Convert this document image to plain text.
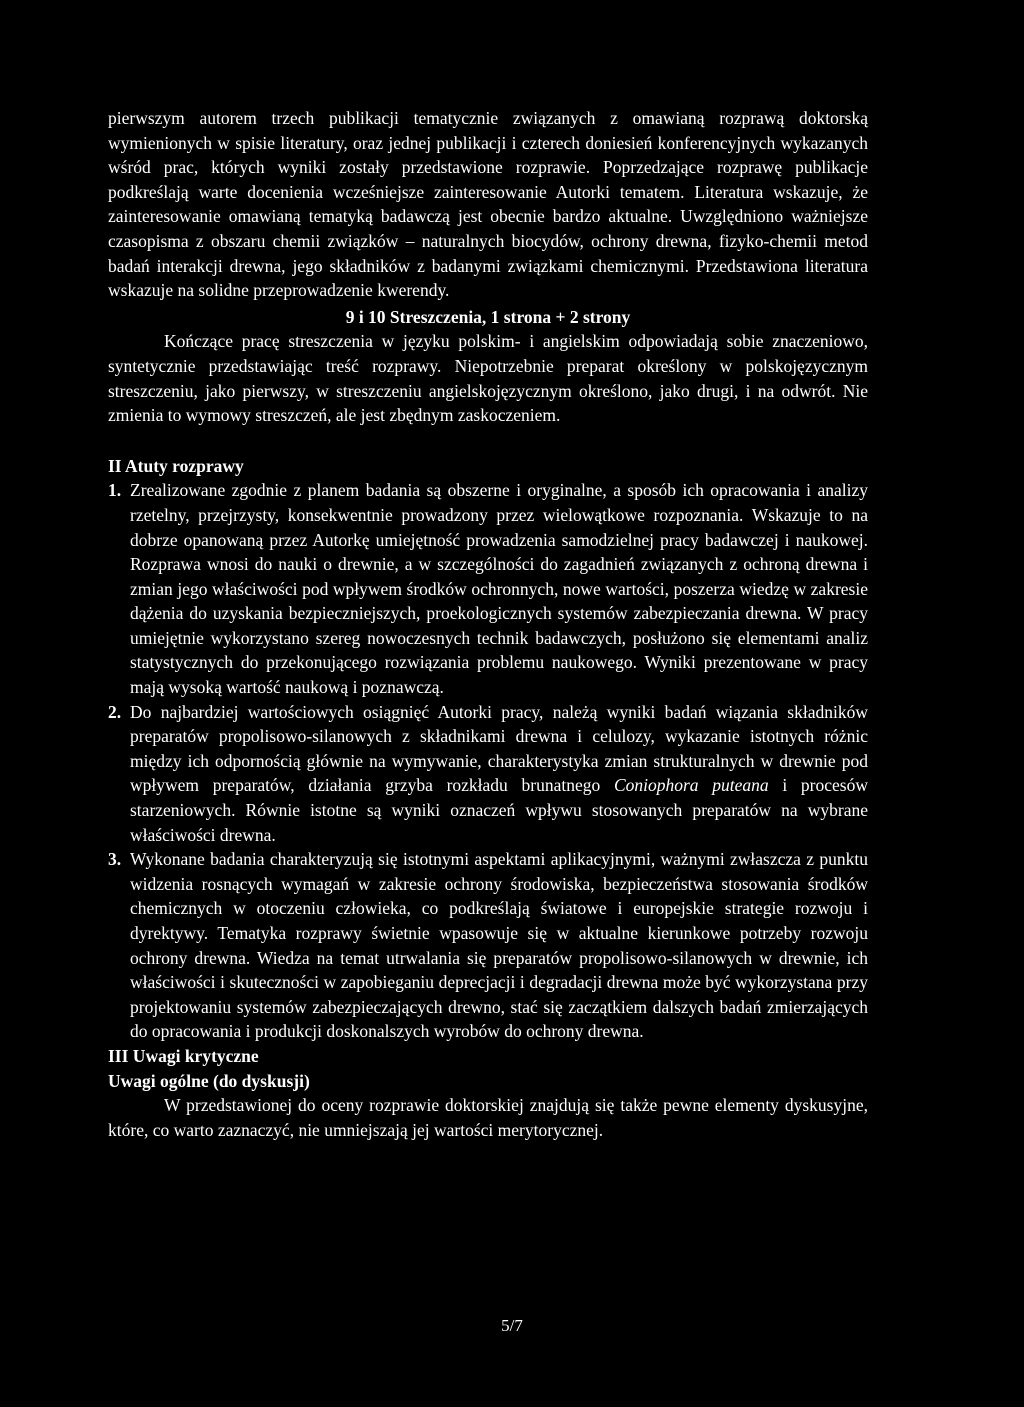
pierwszym autorem trzech publikacji tematycznie związanych z omawianą rozprawą doktorską wymienionych w spisie literatury, oraz jednej publikacji i czterech doniesień konferencyjnych wykazanych wśród prac, których wyniki zostały przedstawione rozprawie. Poprzedzające rozprawę publikacje podkreślają warte docenienia wcześniejsze zainteresowanie Autorki tematem. Literatura wskazuje, że zainteresowanie omawianą tematyką badawczą jest obecnie bardzo aktualne. Uwzględniono ważniejsze czasopisma z obszaru chemii związków – naturalnych biocydów, ochrony drewna, fizyko-chemii metod badań interakcji drewna, jego składników z badanymi związkami chemicznymi. Przedstawiona literatura wskazuje na solidne przeprowadzenie kwerendy.

9 i 10 Streszczenia, 1 strona + 2 strony

Kończące pracę streszczenia w języku polskim- i angielskim odpowiadają sobie znaczeniowo, syntetycznie przedstawiając treść rozprawy. Niepotrzebnie preparat określony w polskojęzycznym streszczeniu, jako pierwszy, w streszczeniu angielskojęzycznym określono, jako drugi, i na odwrót. Nie zmienia to wymowy streszczeń, ale jest zbędnym zaskoczeniem.

II Atuty rozprawy
1. Zrealizowane zgodnie z planem badania są obszerne i oryginalne, a sposób ich opracowania i analizy rzetelny, przejrzysty, konsekwentnie prowadzony przez wielowątkowe rozpoznania. Wskazuje to na dobrze opanowaną przez Autorkę umiejętność prowadzenia samodzielnej pracy badawczej i naukowej. Rozprawa wnosi do nauki o drewnie, a w szczególności do zagadnień związanych z ochroną drewna i zmian jego właściwości pod wpływem środków ochronnych, nowe wartości, poszerza wiedzę w zakresie dążenia do uzyskania bezpieczniejszych, proekologicznych systemów zabezpieczania drewna. W pracy umiejętnie wykorzystano szereg nowoczesnych technik badawczych, posłużono się elementami analiz statystycznych do przekonującego rozwiązania problemu naukowego. Wyniki prezentowane w pracy mają wysoką wartość naukową i poznawczą.
2. Do najbardziej wartościowych osiągnięć Autorki pracy, należą wyniki badań wiązania składników preparatów propolisowo-silanowych z składnikami drewna i celulozy, wykazanie istotnych różnic między ich odpornością głównie na wymywanie, charakterystyka zmian strukturalnych w drewnie pod wpływem preparatów, działania grzyba rozkładu brunatnego Coniophora puteana i procesów starzeniowych. Równie istotne są wyniki oznaczeń wpływu stosowanych preparatów na wybrane właściwości drewna.
3. Wykonane badania charakteryzują się istotnymi aspektami aplikacyjnymi, ważnymi zwłaszcza z punktu widzenia rosnących wymagań w zakresie ochrony środowiska, bezpieczeństwa stosowania środków chemicznych w otoczeniu człowieka, co podkreślają światowe i europejskie strategie rozwoju i dyrektywy. Tematyka rozprawy świetnie wpasowuje się w aktualne kierunkowe potrzeby rozwoju ochrony drewna. Wiedza na temat utrwalania się preparatów propolisowo-silanowych w drewnie, ich właściwości i skuteczności w zapobieganiu deprecjacji i degradacji drewna może być wykorzystana przy projektowaniu systemów zabezpieczających drewno, stać się zaczątkiem dalszych badań zmierzających do opracowania i produkcji doskonalszych wyrobów do ochrony drewna.
III Uwagi krytyczne
Uwagi ogólne (do dyskusji)

W przedstawionej do oceny rozprawie doktorskiej znajdują się także pewne elementy dyskusyjne, które, co warto zaznaczyć, nie umniejszają jej wartości merytorycznej.

5/7
